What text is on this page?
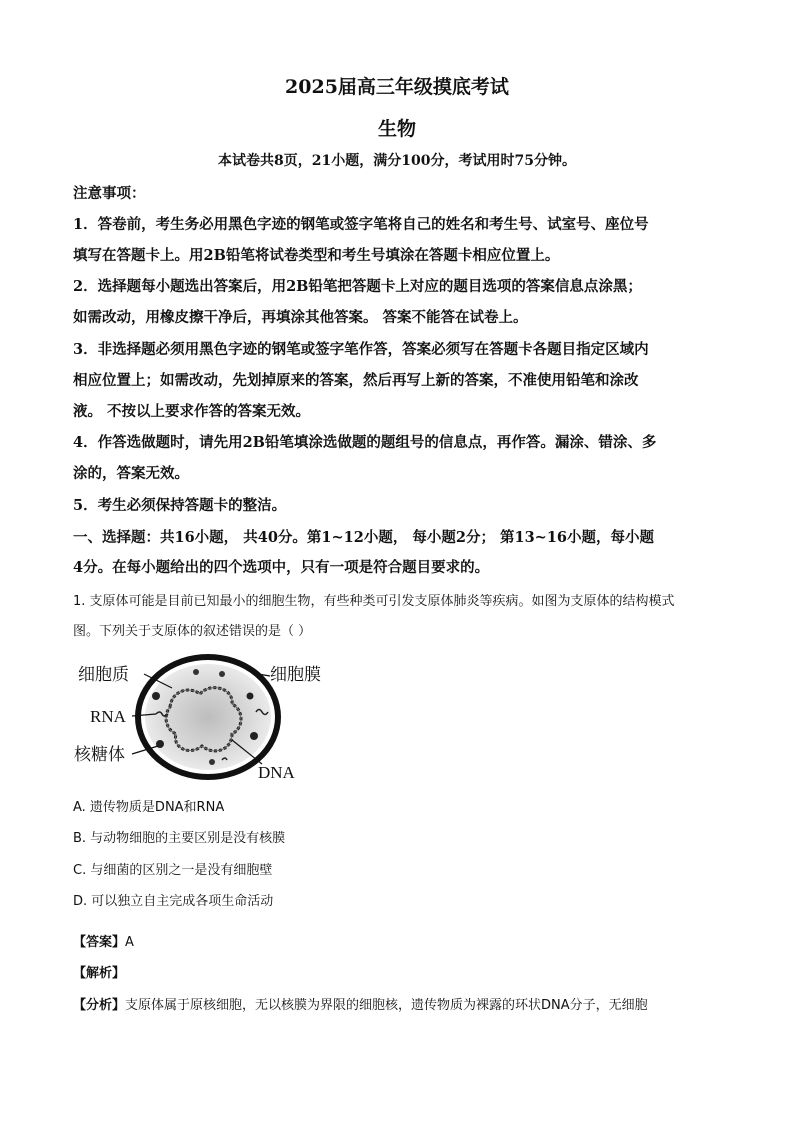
2025届高三年级摸底考试
生物
本试卷共8页，21小题，满分100分，考试用时75分钟。
注意事项：
1．答卷前，考生务必用黑色字迹的钢笔或签字笔将自己的姓名和考生号、试室号、座位号
填写在答题卡上。用2B铅笔将试卷类型和考生号填涂在答题卡相应位置上。
2．选择题每小题选出答案后，用2B铅笔把答题卡上对应的题目选项的答案信息点涂黑；
如需改动，用橡皮擦干净后，再填涂其他答案。 答案不能答在试卷上。
3．非选择题必须用黑色字迹的钢笔或签字笔作答，答案必须写在答题卡各题目指定区域内
相应位置上；如需改动，先划掉原来的答案，然后再写上新的答案，不准使用铅笔和涂改
液。 不按以上要求作答的答案无效。
4．作答选做题时，请先用2B铅笔填涂选做题的题组号的信息点，再作答。漏涂、错涂、多
涂的，答案无效。
5．考生必须保持答题卡的整洁。
一、选择题：共16小题， 共40分。第1~12小题， 每小题2分； 第13~16小题，每小题
4分。在每小题给出的四个选项中，只有一项是符合题目要求的。
1. 支原体可能是目前已知最小的细胞生物，有些种类可引发支原体肺炎等疾病。如图为支原体的结构模式
图。下列关于支原体的叙述错误的是（ ）
细胞质	细胞膜
RNA
核糖体
DNA
A. 遗传物质是DNA和RNA
B. 与动物细胞的主要区别是没有核膜
C. 与细菌的区别之一是没有细胞壁
D. 可以独立自主完成各项生命活动
【答案】A
【解析】
【分析】支原体属于原核细胞，无以核膜为界限的细胞核，遗传物质为裸露的环状DNA分子，无细胞
